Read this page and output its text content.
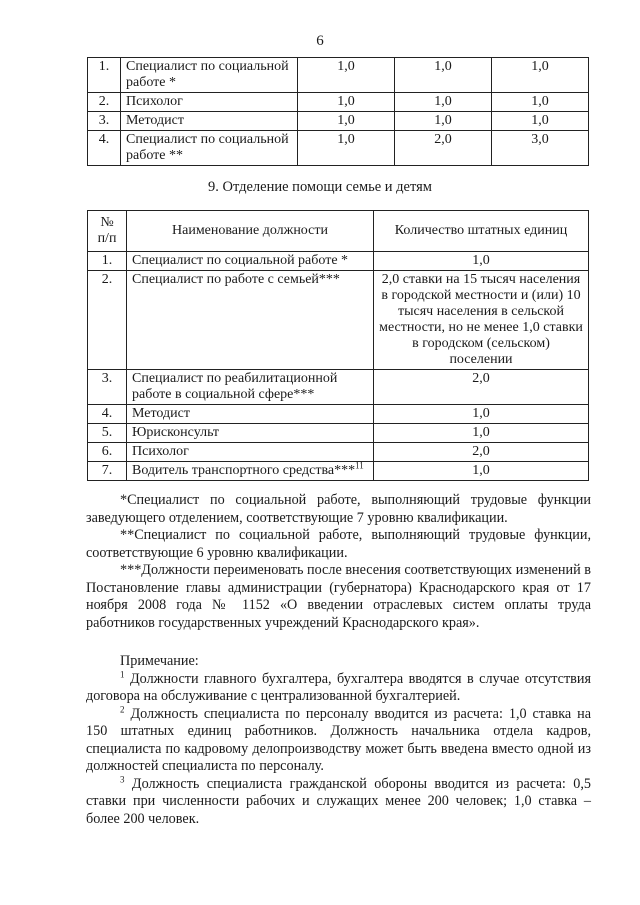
6
1.	Специалист по социальной работе *	1,0	1,0	1,0
2.	Психолог	1,0	1,0	1,0
3.	Методист	1,0	1,0	1,0
4.	Специалист по социальной работе **	1,0	2,0	3,0
9. Отделение помощи семье и детям
№ п/п	Наименование должности	Количество штатных единиц
1.	Специалист по социальной работе *	1,0
2.	Специалист по работе с семьей***	2,0 ставки на 15 тысяч населения в городской местности и (или) 10 тысяч населения в сельской местности, но не менее 1,0 ставки в городском (сельском) поселении
3.	Специалист по реабилитационной работе в социальной сфере***	2,0
4.	Методист	1,0
5.	Юрисконсульт	1,0
6.	Психолог	2,0
7.	Водитель транспортного средства***$^{11}$	1,0

*Специалист по социальной работе, выполняющий трудовые функции заведующего отделением, соответствующие 7 уровню квалификации.

**Специалист по социальной работе, выполняющий трудовые функции, соответствующие 6 уровню квалификации.

***Должности переименовать после внесения соответствующих изменений в Постановление главы администрации (губернатора) Краснодарского края от 17 ноября 2008 года № 1152 «О введении отраслевых систем оплаты труда работников государственных учреждений Краснодарского края».

Примечание:

$^1$ Должности главного бухгалтера, бухгалтера вводятся в случае отсутствия договора на обслуживание с централизованной бухгалтерией.

$^2$ Должность специалиста по персоналу вводится из расчета: 1,0 ставка на 150 штатных единиц работников. Должность начальника отдела кадров, специалиста по кадровому делопроизводству может быть введена вместо одной из должностей специалиста по персоналу.

$^3$ Должность специалиста гражданской обороны вводится из расчета: 0,5 ставки при численности рабочих и служащих менее 200 человек; 1,0 ставка – более 200 человек.
